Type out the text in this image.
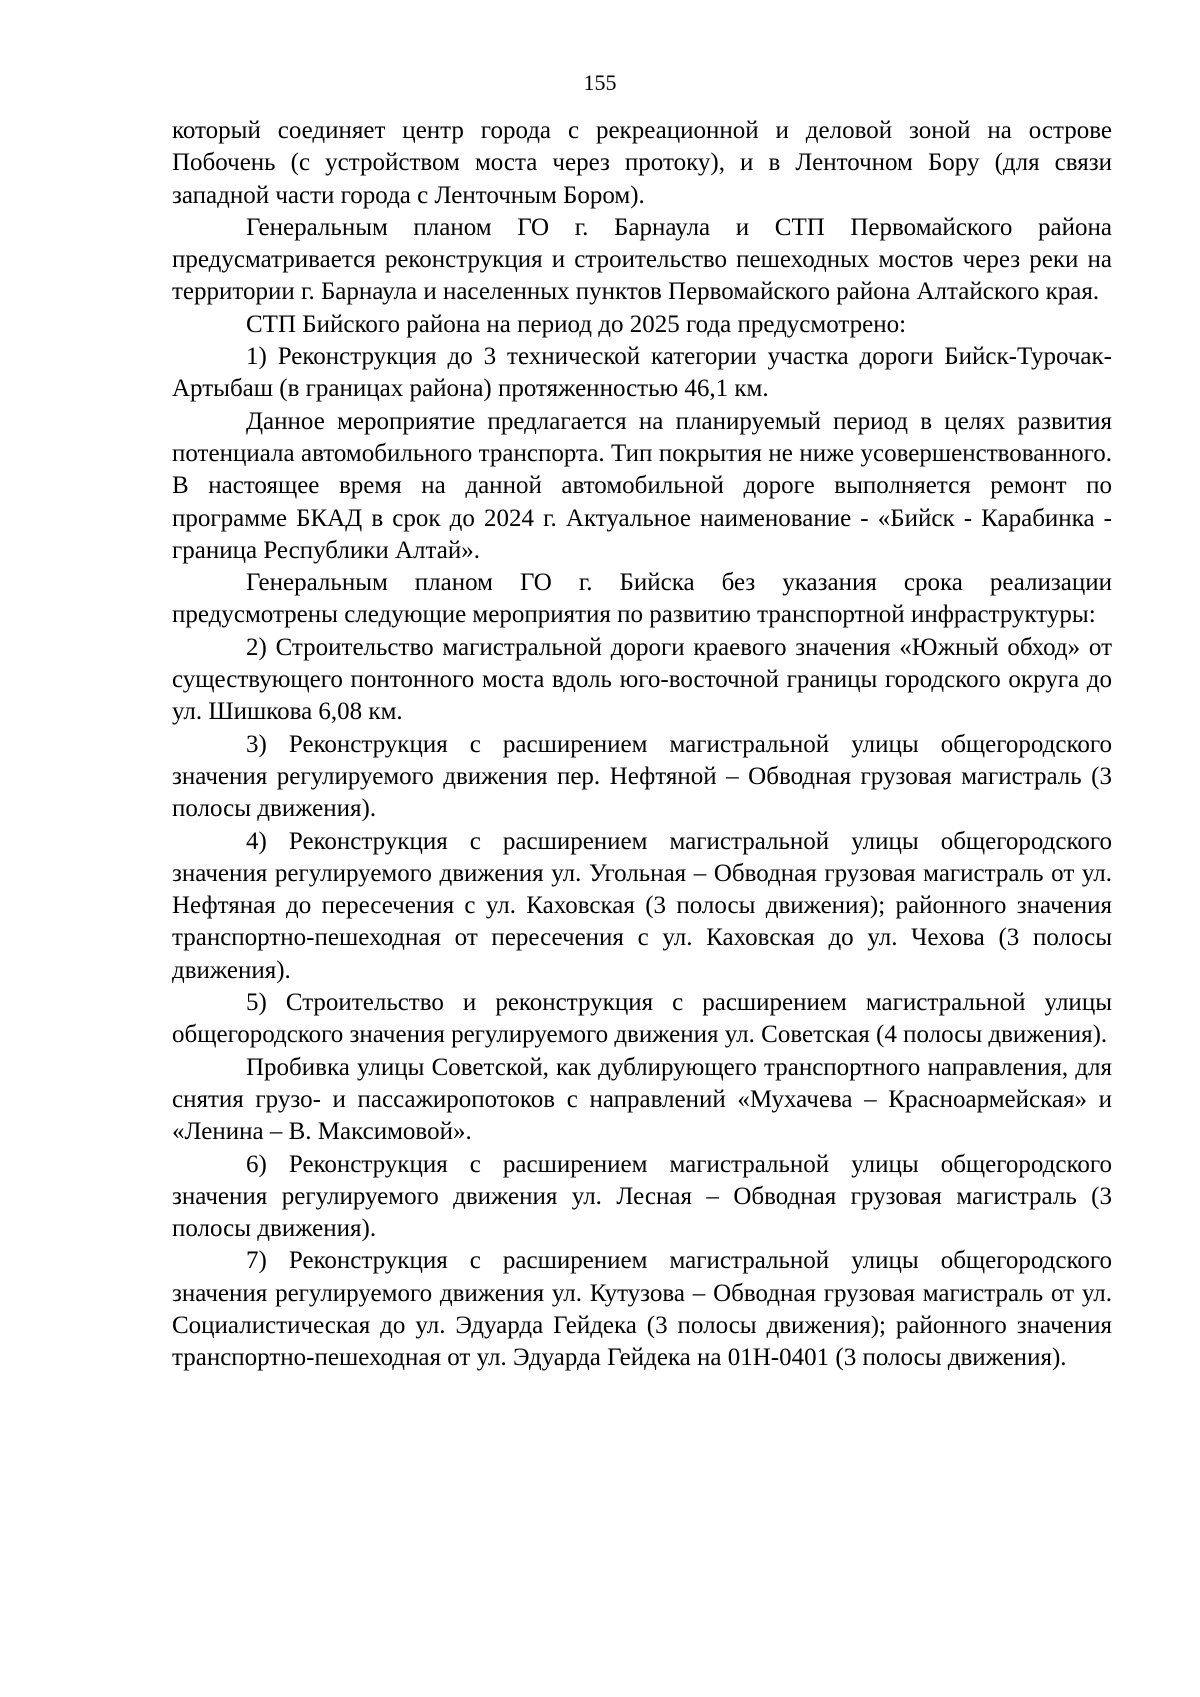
155

который соединяет центр города с рекреационной и деловой зоной на острове Побочень (с устройством моста через протоку), и в Ленточном Бору (для связи западной части города с Ленточным Бором).

Генеральным планом ГО г. Барнаула и СТП Первомайского района предусматривается реконструкция и строительство пешеходных мостов через реки на территории г. Барнаула и населенных пунктов Первомайского района Алтайского края.

СТП Бийского района на период до 2025 года предусмотрено:

1) Реконструкция до 3 технической категории участка дороги Бийск-Турочак-Артыбаш (в границах района) протяженностью 46,1 км.

Данное мероприятие предлагается на планируемый период в целях развития потенциала автомобильного транспорта. Тип покрытия не ниже усовершенствованного. В настоящее время на данной автомобильной дороге выполняется ремонт по программе БКАД в срок до 2024 г. Актуальное наименование - «Бийск - Карабинка - граница Республики Алтай».

Генеральным планом ГО г. Бийска без указания срока реализации предусмотрены следующие мероприятия по развитию транспортной инфраструктуры:

2) Строительство магистральной дороги краевого значения «Южный обход» от существующего понтонного моста вдоль юго-восточной границы городского округа до ул. Шишкова 6,08 км.

3) Реконструкция с расширением магистральной улицы общегородского значения регулируемого движения пер. Нефтяной – Обводная грузовая магистраль (3 полосы движения).

4) Реконструкция с расширением магистральной улицы общегородского значения регулируемого движения ул. Угольная – Обводная грузовая магистраль от ул. Нефтяная до пересечения с ул. Каховская (3 полосы движения); районного значения транспортно-пешеходная от пересечения с ул. Каховская до ул. Чехова (3 полосы движения).

5) Строительство и реконструкция с расширением магистральной улицы общегородского значения регулируемого движения ул. Советская (4 полосы движения).

Пробивка улицы Советской, как дублирующего транспортного направления, для снятия грузо- и пассажиропотоков с направлений «Мухачева – Красноармейская» и «Ленина – В. Максимовой».

6) Реконструкция с расширением магистральной улицы общегородского значения регулируемого движения ул. Лесная – Обводная грузовая магистраль (3 полосы движения).

7) Реконструкция с расширением магистральной улицы общегородского значения регулируемого движения ул. Кутузова – Обводная грузовая магистраль от ул. Социалистическая до ул. Эдуарда Гейдека (3 полосы движения); районного значения транспортно-пешеходная от ул. Эдуарда Гейдека на 01Н-0401 (3 полосы движения).
